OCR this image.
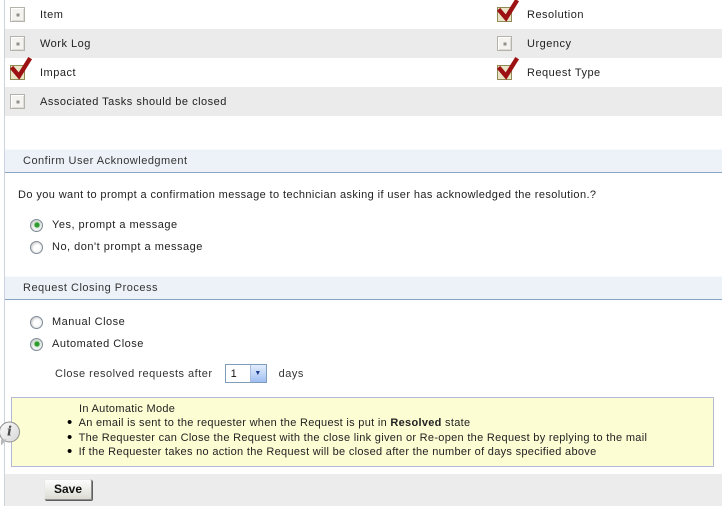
Item	Resolution
Work Log	Urgency
Impact	Request Type
Associated Tasks should be closed
Confirm User Acknowledgment
Do you want to prompt a confirmation message to technician asking if user has acknowledged the resolution.?
Yes, prompt a message
No, don't prompt a message
Request Closing Process
Manual Close
Automated Close
Close resolved requests after	1	▼ days
i
In Automatic Mode
• An email is sent to the requester when the Request is put in Resolved state
• The Requester can Close the Request with the close link given or Re-open the Request by replying to the mail
• If the Requester takes no action the Request will be closed after the number of days specified above
Save
